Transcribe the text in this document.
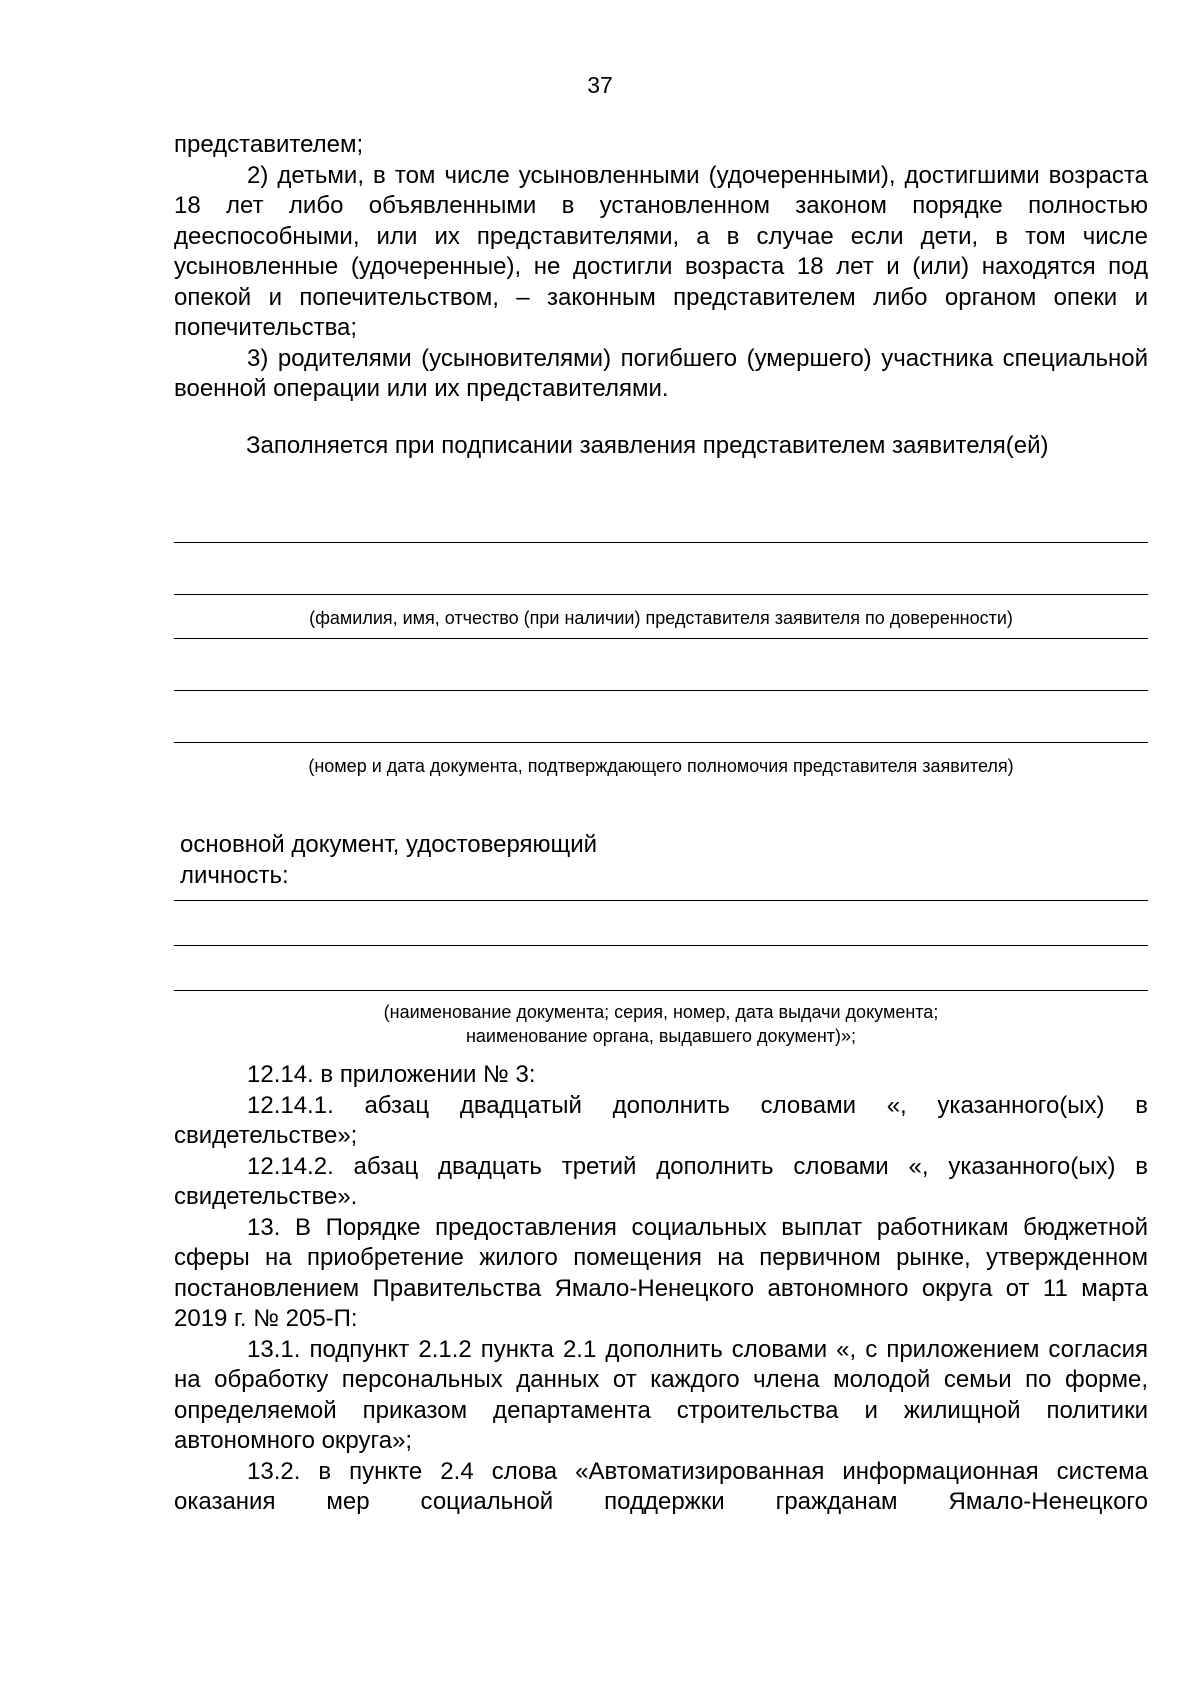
37

представителем;

2) детьми, в том числе усыновленными (удочеренными), достигшими возраста 18 лет либо объявленными в установленном законом порядке полностью дееспособными, или их представителями, а в случае если дети, в том числе усыновленные (удочеренные), не достигли возраста 18 лет и (или) находятся под опекой и попечительством, – законным представителем либо органом опеки и попечительства;

3) родителями (усыновителями) погибшего (умершего) участника специальной военной операции или их представителями.

Заполняется при подписании заявления представителем заявителя(ей)
(фамилия, имя, отчество (при наличии) представителя заявителя по доверенности)
(номер и дата документа, подтверждающего полномочия представителя заявителя)
основной документ, удостоверяющий
личность:
(наименование документа; серия, номер, дата выдачи документа;
наименование органа, выдавшего документ)»;

12.14. в приложении № 3:

12.14.1. абзац двадцатый дополнить словами «, указанного(ых) в свидетельстве»;

12.14.2. абзац двадцать третий дополнить словами «, указанного(ых) в свидетельстве».

13. В Порядке предоставления социальных выплат работникам бюджетной сферы на приобретение жилого помещения на первичном рынке, утвержденном постановлением Правительства Ямало-Ненецкого автономного округа от 11 марта 2019 г. № 205-П:

13.1. подпункт 2.1.2 пункта 2.1 дополнить словами «, с приложением согласия на обработку персональных данных от каждого члена молодой семьи по форме, определяемой приказом департамента строительства и жилищной политики автономного округа»;

13.2. в пункте 2.4 слова «Автоматизированная информационная система оказания мер социальной поддержки гражданам Ямало-Ненецкого
